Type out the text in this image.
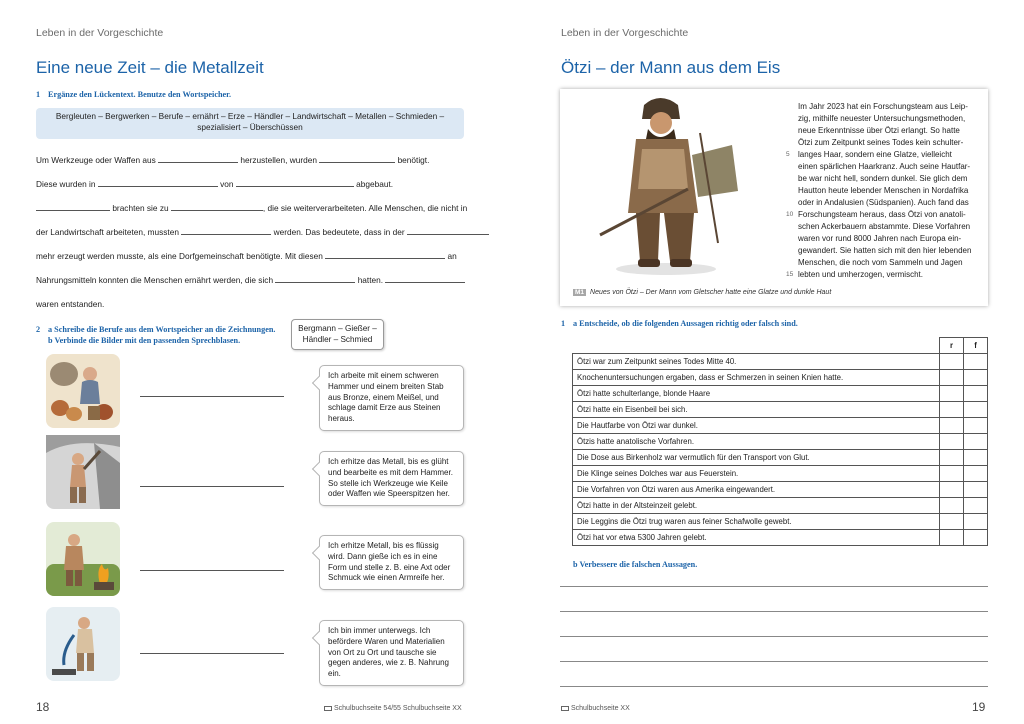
Leben in der Vorgeschichte
Eine neue Zeit – die Metallzeit
1 Ergänze den Lückentext. Benutze den Wortspeicher.
Bergleuten – Bergwerken – Berufe – ernährt – Erze – Händler – Landwirtschaft – Metallen – Schmieden –
spezialisiert – Überschüssen
Um Werkzeuge oder Waffen aus	herzustellen, wurden	benötigt.
Diese wurden in	von	abgebaut.
brachten sie zu	, die sie weiterverarbeiteten. Alle Menschen, die nicht in
der Landwirtschaft arbeiteten, mussten	werden. Das bedeutete, dass in der
mehr erzeugt werden musste, als eine Dorfgemeinschaft benötigte. Mit diesen	an
Nahrungsmitteln konnten die Menschen ernährt werden, die sich	hatten.
waren entstanden.
2 a Schreibe die Berufe aus dem Wortspeicher an die Zeichnungen.
b Verbinde die Bilder mit den passenden Sprechblasen.
Bergmann – Gießer –
Händler – Schmied
Ich arbeite mit einem schweren Hammer und einem breiten Stab aus Bronze, einem Meißel, und schlage damit Erze aus Steinen heraus.
Ich erhitze das Metall, bis es glüht und bearbeite es mit dem Hammer. So stelle ich Werkzeuge wie Keile oder Waffen wie Speerspitzen her.
Ich erhitze Metall, bis es flüssig wird. Dann gieße ich es in eine Form und stelle z. B. eine Axt oder Schmuck wie einen Armreife her.
Ich bin immer unterwegs. Ich befördere Waren und Materialien von Ort zu Ort und tausche sie gegen anderes, wie z. B. Nahrung ein.
18	Schulbuchseite 54/55 Schulbuchseite XX
Leben in der Vorgeschichte
Ötzi – der Mann aus dem Eis
Im Jahr 2023 hat ein Forschungsteam aus Leip-
zig, mithilfe neuester Untersuchungsmethoden,
neue Erkenntnisse über Ötzi erlangt. So hatte
Ötzi zum Zeitpunkt seines Todes kein schulter-
langes Haar, sondern eine Glatze, vielleicht
einen spärlichen Haarkranz. Auch seine Hautfar-
be war nicht hell, sondern dunkel. Sie glich dem
Hautton heute lebender Menschen in Nordafrika
oder in Andalusien (Südspanien). Auch fand das
Forschungsteam heraus, dass Ötzi von anatoli-
schen Ackerbauern abstammte. Diese Vorfahren
waren vor rund 8000 Jahren nach Europa ein-
gewandert. Sie hatten sich mit den hier lebenden
Menschen, die noch vom Sammeln und Jagen
lebten und umherzogen, vermischt.
5
10
15
M1 Neues von Ötzi – Der Mann vom Gletscher hatte eine Glatze und dunkle Haut
1 a Entscheide, ob die folgenden Aussagen richtig oder falsch sind.
	r	f
Ötzi war zum Zeitpunkt seines Todes Mitte 40.		
Knochenuntersuchungen ergaben, dass er Schmerzen in seinen Knien hatte.		
Ötzi hatte schulterlange, blonde Haare		
Ötzi hatte ein Eisenbeil bei sich.		
Die Hautfarbe von Ötzi war dunkel.		
Ötzis hatte anatolische Vorfahren.		
Die Dose aus Birkenholz war vermutlich für den Transport von Glut.		
Die Klinge seines Dolches war aus Feuerstein.		
Die Vorfahren von Ötzi waren aus Amerika eingewandert.		
Ötzi hatte in der Altsteinzeit gelebt.		
Die Leggins die Ötzi trug waren aus feiner Schafwolle gewebt.		
Ötzi hat vor etwa 5300 Jahren gelebt.		
b Verbessere die falschen Aussagen.
Schulbuchseite XX	19
